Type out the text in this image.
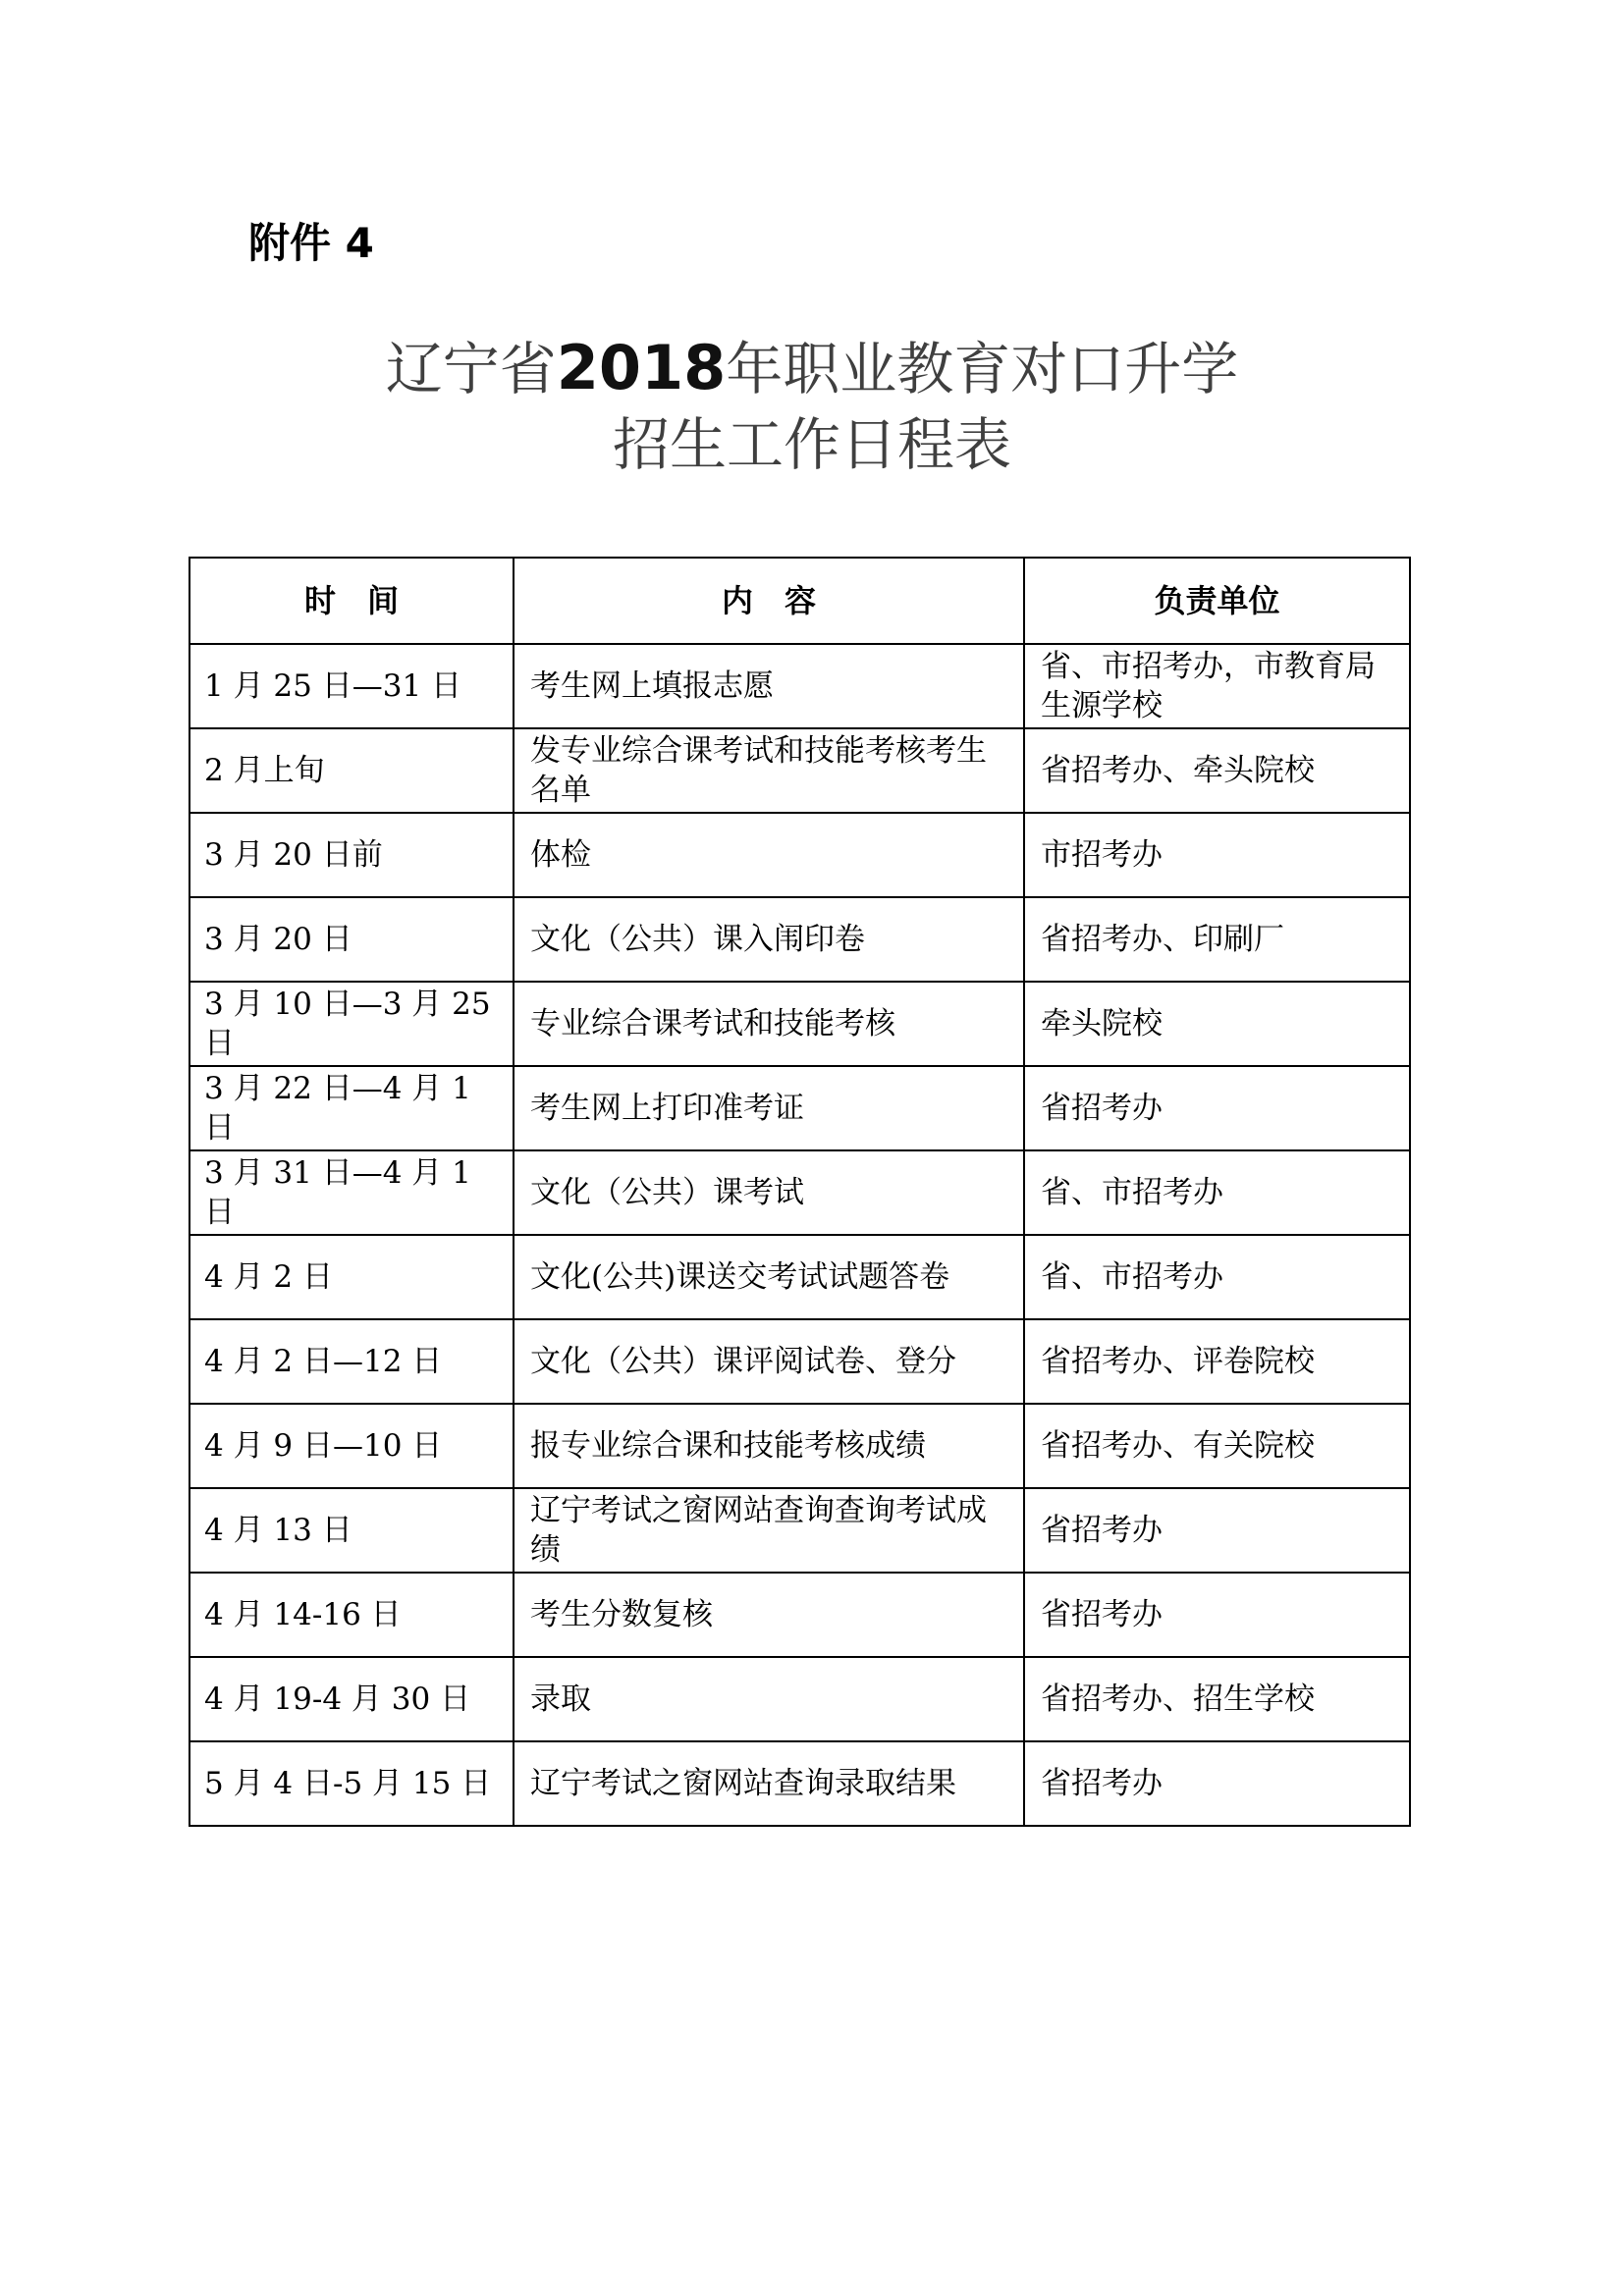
附件 4

辽宁省2018年职业教育对口升学
招生工作日程表
时　间	内　容	负责单位
1 月 25 日—31 日	考生网上填报志愿	省、市招考办，市教育局生源学校
2 月上旬	发专业综合课考试和技能考核考生名单	省招考办、牵头院校
3 月 20 日前	体检	市招考办
3 月 20 日	文化（公共）课入闱印卷	省招考办、印刷厂
3 月 10 日—3 月 25 日	专业综合课考试和技能考核	牵头院校
3 月 22 日—4 月 1 日	考生网上打印准考证	省招考办
3 月 31 日—4 月 1 日	文化（公共）课考试	省、市招考办
4 月 2 日	文化(公共)课送交考试试题答卷	省、市招考办
4 月 2 日—12 日	文化（公共）课评阅试卷、登分	省招考办、评卷院校
4 月 9 日—10 日	报专业综合课和技能考核成绩	省招考办、有关院校
4 月 13 日	辽宁考试之窗网站查询查询考试成绩	省招考办
4 月 14-16 日	考生分数复核	省招考办
4 月 19-4 月 30 日	录取	省招考办、招生学校
5 月 4 日-5 月 15 日	辽宁考试之窗网站查询录取结果	省招考办
